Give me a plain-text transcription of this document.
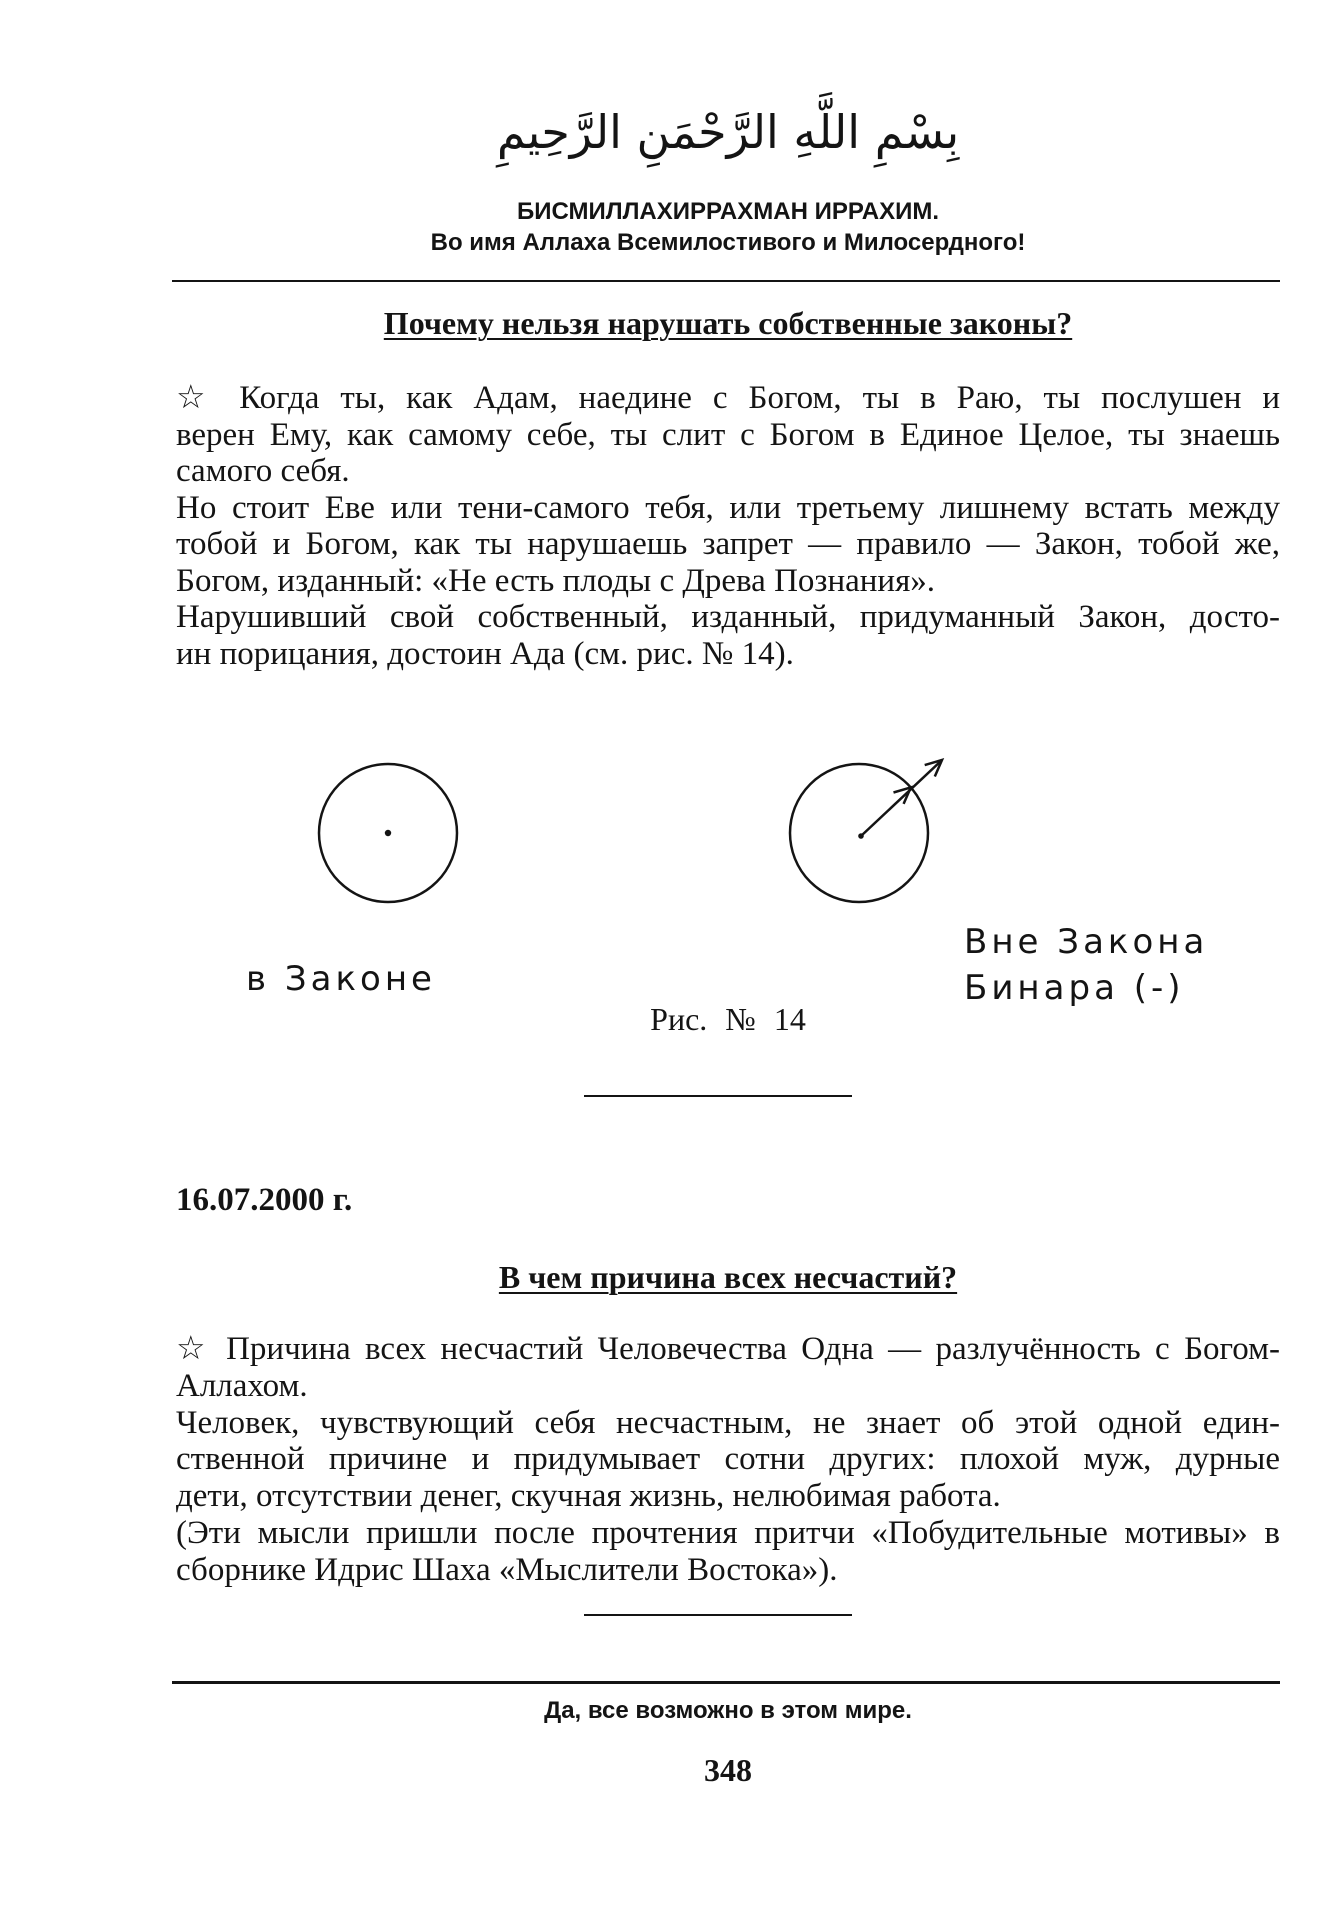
بِسْمِ اللَّهِ الرَّحْمَنِ الرَّحِيمِ
БИСМИЛЛАХИРРАХМАН ИРРАХИМ.
Во имя Аллаха Всемилостивого и Милосердного!
Почему нельзя нарушать собственные законы?
☆ Когда ты, как Адам, наедине с Богом, ты в Раю, ты послушен и
верен Ему, как самому себе, ты слит с Богом в Единое Целое, ты знаешь
самого себя.
Но стоит Еве или тени-самого тебя, или третьему лишнему встать между
тобой и Богом, как ты нарушаешь запрет — правило — Закон, тобой же,
Богом, изданный: «Не есть плоды с Древа Познания».
Нарушивший свой собственный, изданный, придуманный Закон, досто-
ин порицания, достоин Ада (см. рис. № 14).
в Законе
Вне Закона
Бинара (-)
Рис. № 14
16.07.2000 г.
В чем причина всех несчастий?
☆ Причина всех несчастий Человечества Одна — разлучённость с Богом-
Аллахом.
Человек, чувствующий себя несчастным, не знает об этой одной един-
ственной причине и придумывает сотни других: плохой муж, дурные
дети, отсутствии денег, скучная жизнь, нелюбимая работа.
(Эти мысли пришли после прочтения притчи «Побудительные мотивы» в
сборнике Идрис Шаха «Мыслители Востока»).
Да, все возможно в этом мире.
348
